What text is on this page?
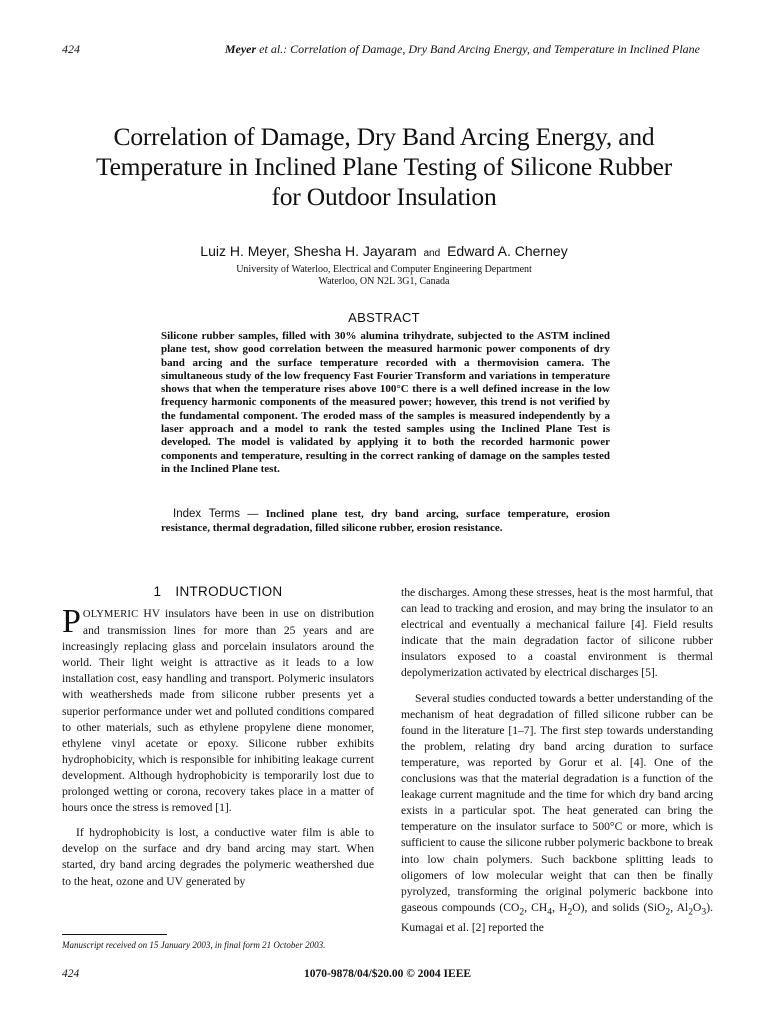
424	Meyer et al.: Correlation of Damage, Dry Band Arcing Energy, and Temperature in Inclined Plane
Correlation of Damage, Dry Band Arcing Energy, and
Temperature in Inclined Plane Testing of Silicone Rubber
for Outdoor Insulation
Luiz H. Meyer, Shesha H. Jayaram and Edward A. Cherney
University of Waterloo, Electrical and Computer Engineering Department
Waterloo, ON N2L 3G1, Canada
ABSTRACT
Silicone rubber samples, filled with 30% alumina trihydrate, subjected to the ASTM inclined plane test, show good correlation between the measured harmonic power components of dry band arcing and the surface temperature recorded with a thermovision camera. The simultaneous study of the low frequency Fast Fourier Transform and variations in temperature shows that when the temperature rises above 100°C there is a well defined increase in the low frequency harmonic components of the measured power; however, this trend is not verified by the fundamental component. The eroded mass of the samples is measured independently by a laser approach and a model to rank the tested samples using the Inclined Plane Test is developed. The model is validated by applying it to both the recorded harmonic power components and temperature, resulting in the correct ranking of damage on the samples tested in the Inclined Plane test.
Index Terms — Inclined plane test, dry band arcing, surface temperature, erosion resistance, thermal degradation, filled silicone rubber, erosion resistance.
1 INTRODUCTION

POLYMERIC HV insulators have been in use on distribution and transmission lines for more than 25 years and are increasingly replacing glass and porcelain insulators around the world. Their light weight is attractive as it leads to a low installation cost, easy handling and transport. Polymeric insulators with weathersheds made from silicone rubber presents yet a superior performance under wet and polluted conditions compared to other materials, such as ethylene propylene diene monomer, ethylene vinyl acetate or epoxy. Silicone rubber exhibits hydrophobicity, which is responsible for inhibiting leakage current development. Although hydrophobicity is temporarily lost due to prolonged wetting or corona, recovery takes place in a matter of hours once the stress is removed [1].

If hydrophobicity is lost, a conductive water film is able to develop on the surface and dry band arcing may start. When started, dry band arcing degrades the polymeric weathershed due to the heat, ozone and UV generated by

the discharges. Among these stresses, heat is the most harmful, that can lead to tracking and erosion, and may bring the insulator to an electrical and eventually a mechanical failure [4]. Field results indicate that the main degradation factor of silicone rubber insulators exposed to a coastal environment is thermal depolymerization activated by electrical discharges [5].

Several studies conducted towards a better understanding of the mechanism of heat degradation of filled silicone rubber can be found in the literature [1–7]. The first step towards understanding the problem, relating dry band arcing duration to surface temperature, was reported by Gorur et al. [4]. One of the conclusions was that the material degradation is a function of the leakage current magnitude and the time for which dry band arcing exists in a particular spot. The heat generated can bring the temperature on the insulator surface to 500°C or more, which is sufficient to cause the silicone rubber polymeric backbone to break into low chain polymers. Such backbone splitting leads to oligomers of low molecular weight that can then be finally pyrolyzed, transforming the original polymeric backbone into gaseous compounds ($CO_2$, $CH_4$, $H_2O$), and solids (SiO$_2$, $Al_2O_3$). Kumagai et al. [2] reported the

Manuscript received on 15 January 2003, in final form 21 October 2003.
424	1070-9878/04/$20.00 © 2004 IEEE
